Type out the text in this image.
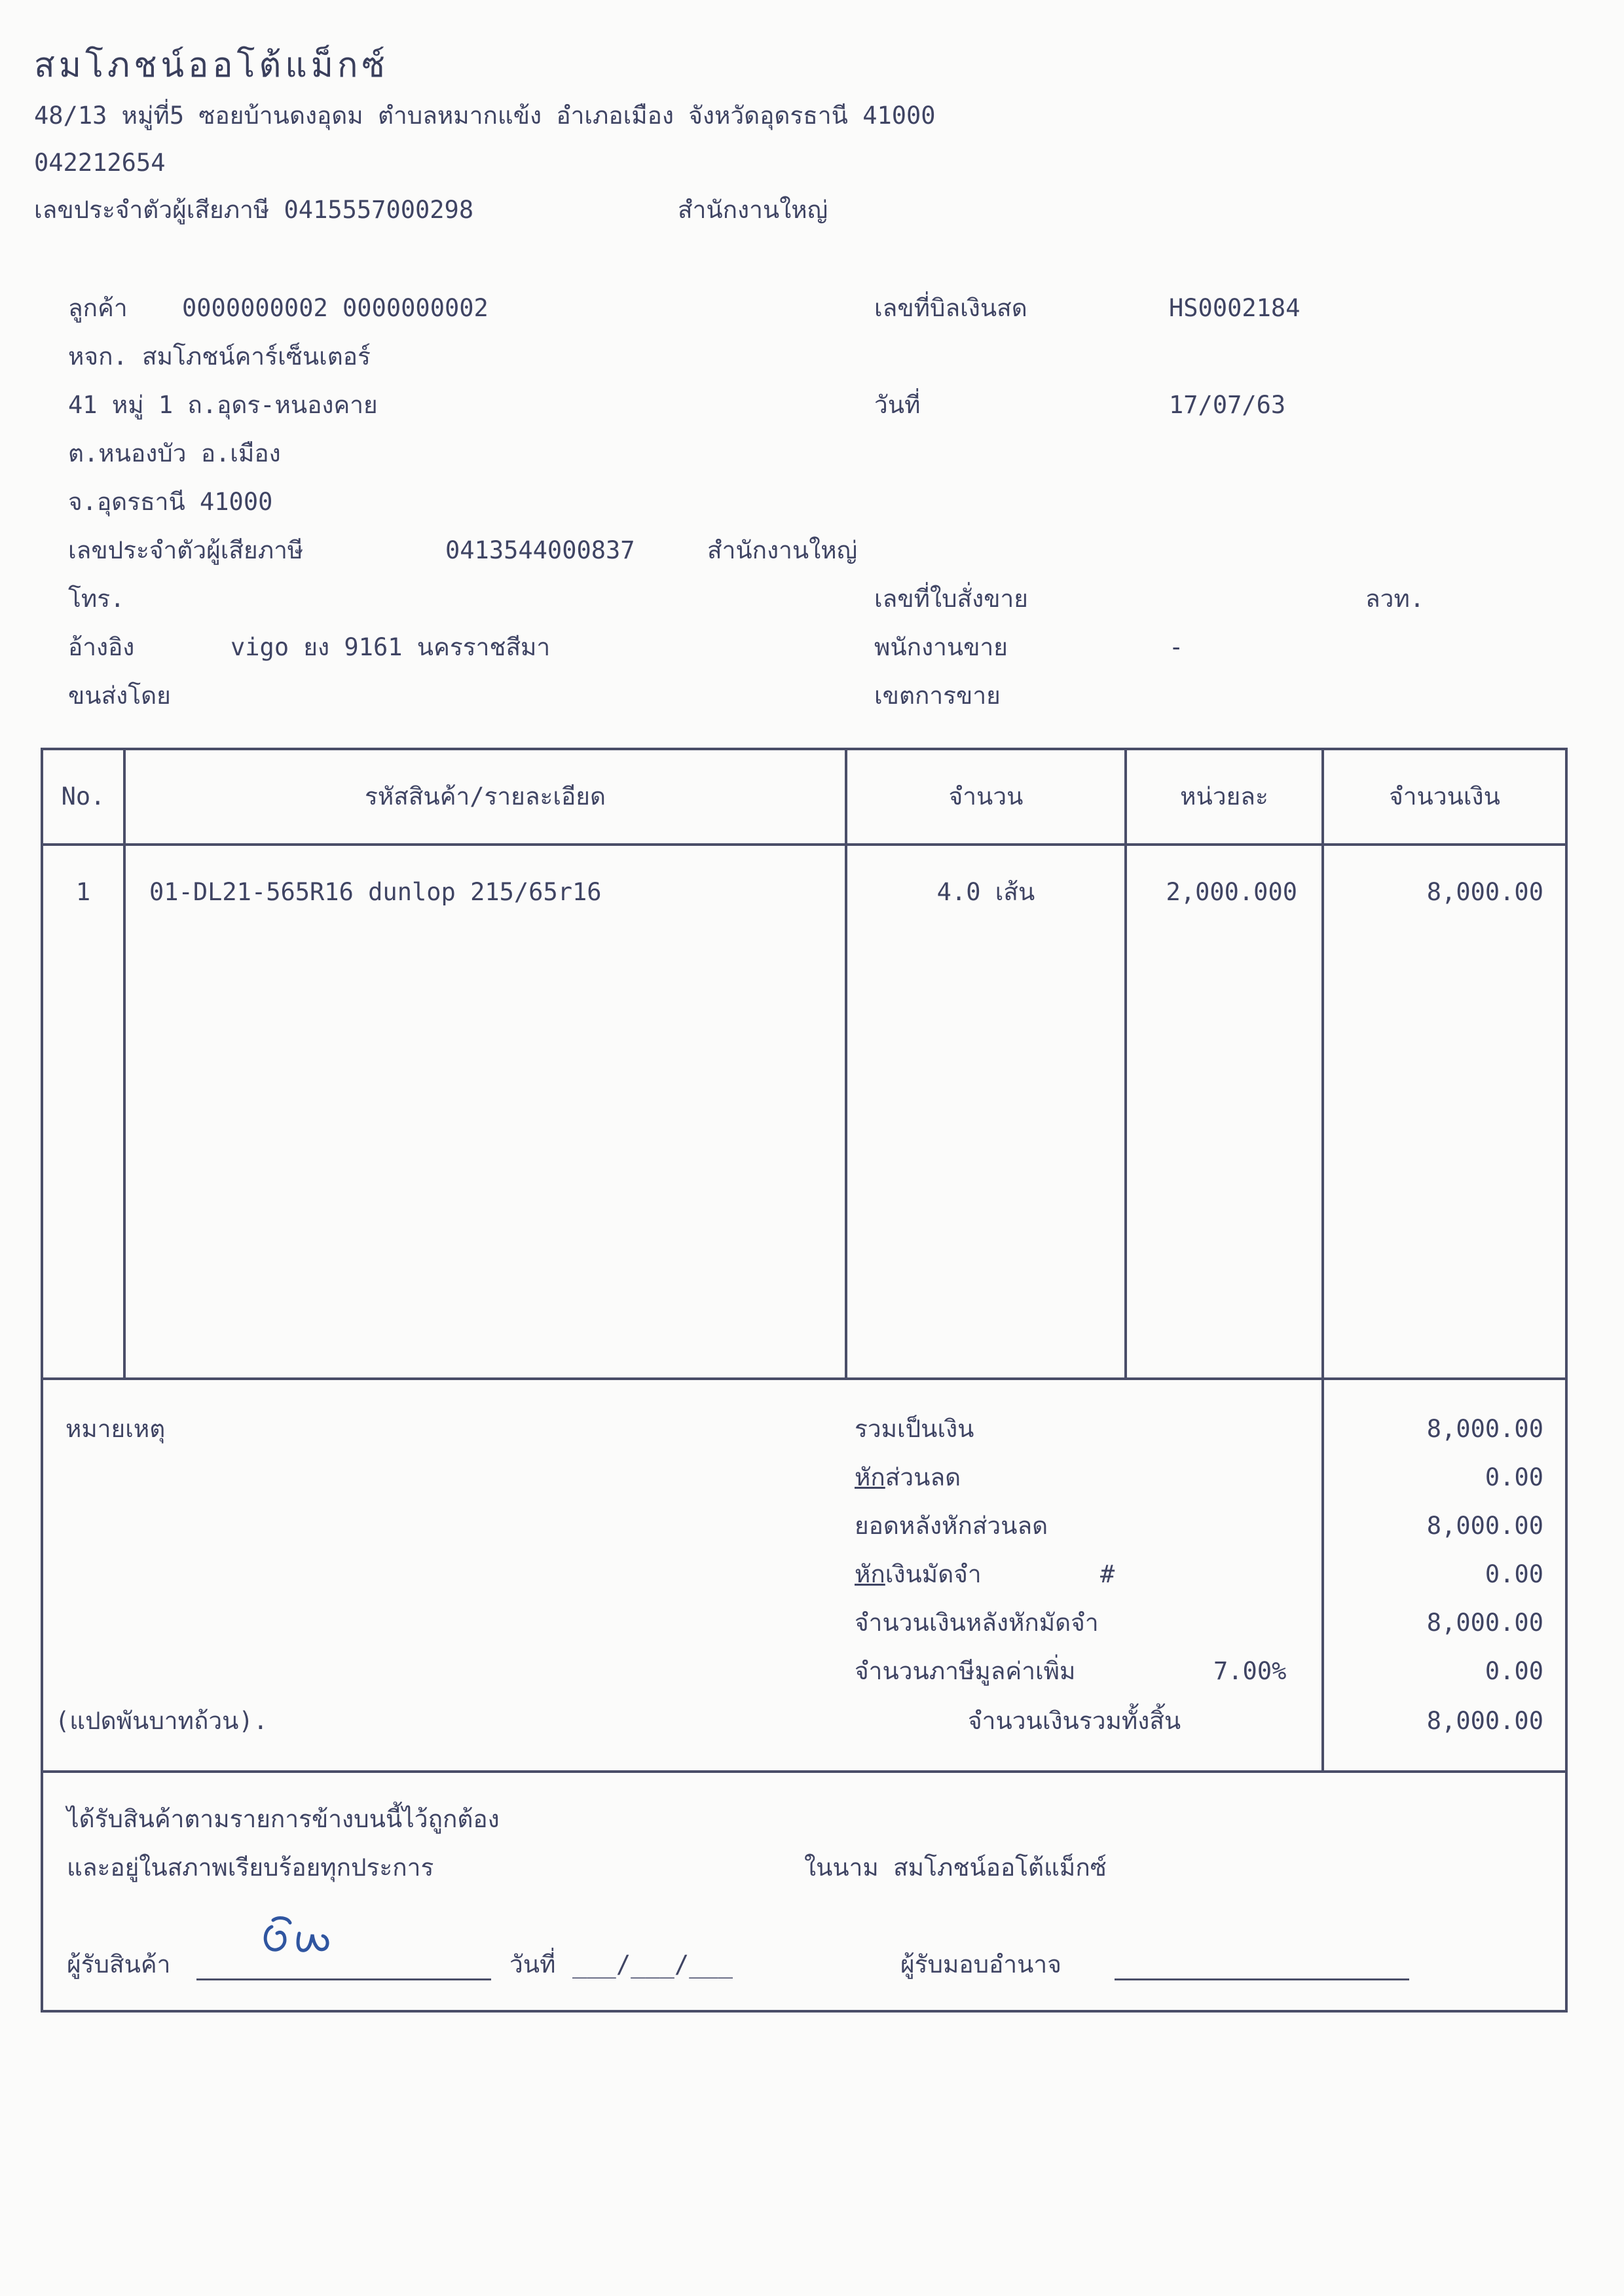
สมโภชน์ออโต้แม็กซ์
48/13 หมู่ที่5 ซอยบ้านดงอุดม ตำบลหมากแข้ง อำเภอเมือง จังหวัดอุดรธานี 41000
042212654
เลขประจำตัวผู้เสียภาษี 0415557000298	สำนักงานใหญ่
ลูกค้า 0000000002 0000000002
หจก. สมโภชน์คาร์เซ็นเตอร์
41 หมู่ 1 ถ.อุดร-หนองคาย
ต.หนองบัว อ.เมือง
จ.อุดรธานี 41000
เลขประจำตัวผู้เสียภาษี	0413544000837	สำนักงานใหญ่
โทร.
อ้างอิง	vigo ยง 9161 นครราชสีมา
ขนส่งโดย
เลขที่บิลเงินสด	HS0002184
วันที่	17/07/63
เลขที่ใบสั่งขาย	ลวท.
พนักงานขาย	-
เขตการขาย
No.	รหัสสินค้า/รายละเอียด	จำนวน	หน่วยละ	จำนวนเงิน
1	01-DL21-565R16 dunlop 215/65r16	4.0 เส้น	2,000.000	8,000.00
หมายเหตุ
(แปดพันบาทถ้วน).
รวมเป็นเงิน	8,000.00
หักส่วนลด	0.00
ยอดหลังหักส่วนลด	8,000.00
หักเงินมัดจำ	#	0.00
จำนวนเงินหลังหักมัดจำ	8,000.00
จำนวนภาษีมูลค่าเพิ่ม	7.00%	0.00
จำนวนเงินรวมทั้งสิ้น	8,000.00
ได้รับสินค้าตามรายการข้างบนนี้ไว้ถูกต้อง
และอยู่ในสภาพเรียบร้อยทุกประการ	ในนาม สมโภชน์ออโต้แม็กซ์
ผู้รับสินค้า	วันที่ ___/___/___	ผู้รับมอบอำนาจ
